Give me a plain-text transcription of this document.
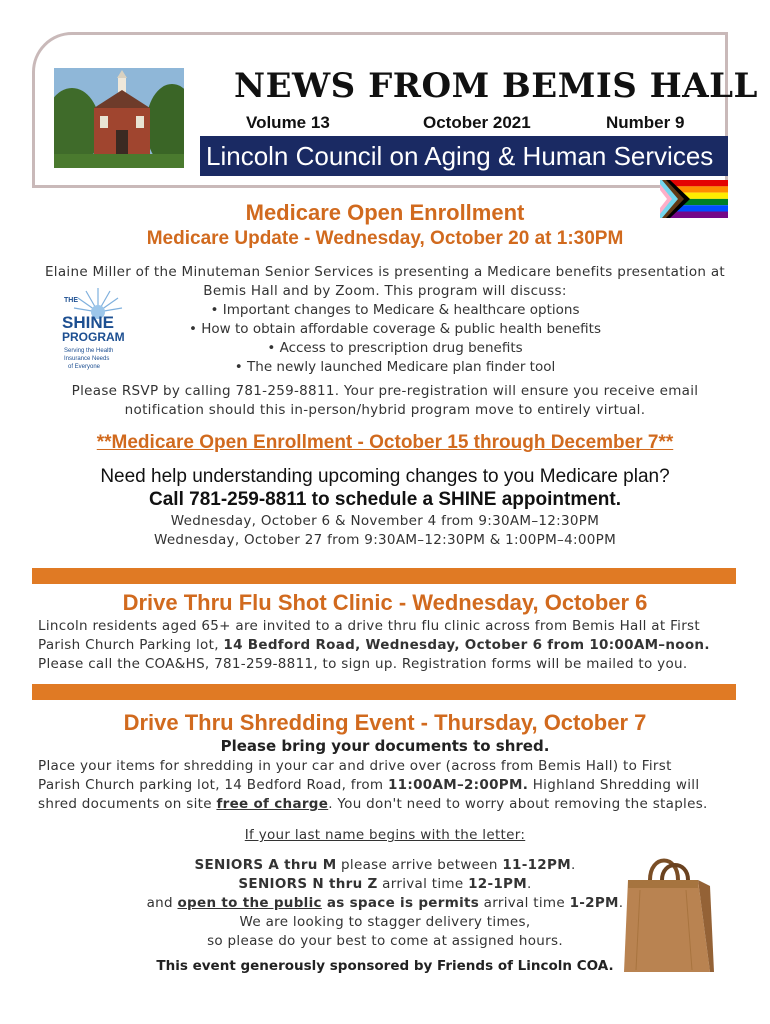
NEWS FROM BEMIS HALL
Volume 13	October 2021	Number 9
Lincoln Council on Aging & Human Services
Medicare Open Enrollment
Medicare Update - Wednesday, October 20 at 1:30PM
Elaine Miller of the Minuteman Senior Services is presenting a Medicare benefits presentation at
Bemis Hall and by Zoom. This program will discuss:
• Important changes to Medicare & healthcare options
• How to obtain affordable coverage & public health benefits
• Access to prescription drug benefits
• The newly launched Medicare plan finder tool
THE
SHINE
PROGRAM
Serving the Health
Insurance Needs
of Everyone
Please RSVP by calling 781-259-8811. Your pre-registration will ensure you receive email
notification should this in-person/hybrid program move to entirely virtual.
**Medicare Open Enrollment - October 15 through December 7**
Need help understanding upcoming changes to you Medicare plan?
Call 781-259-8811 to schedule a SHINE appointment.
Wednesday, October 6 & November 4 from 9:30AM–12:30PM
Wednesday, October 27 from 9:30AM–12:30PM & 1:00PM–4:00PM
Drive Thru Flu Shot Clinic - Wednesday, October 6
Lincoln residents aged 65+ are invited to a drive thru flu clinic across from Bemis Hall at First
Parish Church Parking lot, 14 Bedford Road, Wednesday, October 6 from 10:00AM–noon.
Please call the COA&HS, 781-259-8811, to sign up. Registration forms will be mailed to you.
Drive Thru Shredding Event - Thursday, October 7
Please bring your documents to shred.
Place your items for shredding in your car and drive over (across from Bemis Hall) to First
Parish Church parking lot, 14 Bedford Road, from 11:00AM–2:00PM. Highland Shredding will
shred documents on site free of charge. You don't need to worry about removing the staples.
If your last name begins with the letter:
SENIORS A thru M please arrive between 11-12PM.
SENIORS N thru Z arrival time 12-1PM.
and open to the public as space is permits arrival time 1-2PM.
We are looking to stagger delivery times,
so please do your best to come at assigned hours.
This event generously sponsored by Friends of Lincoln COA.
